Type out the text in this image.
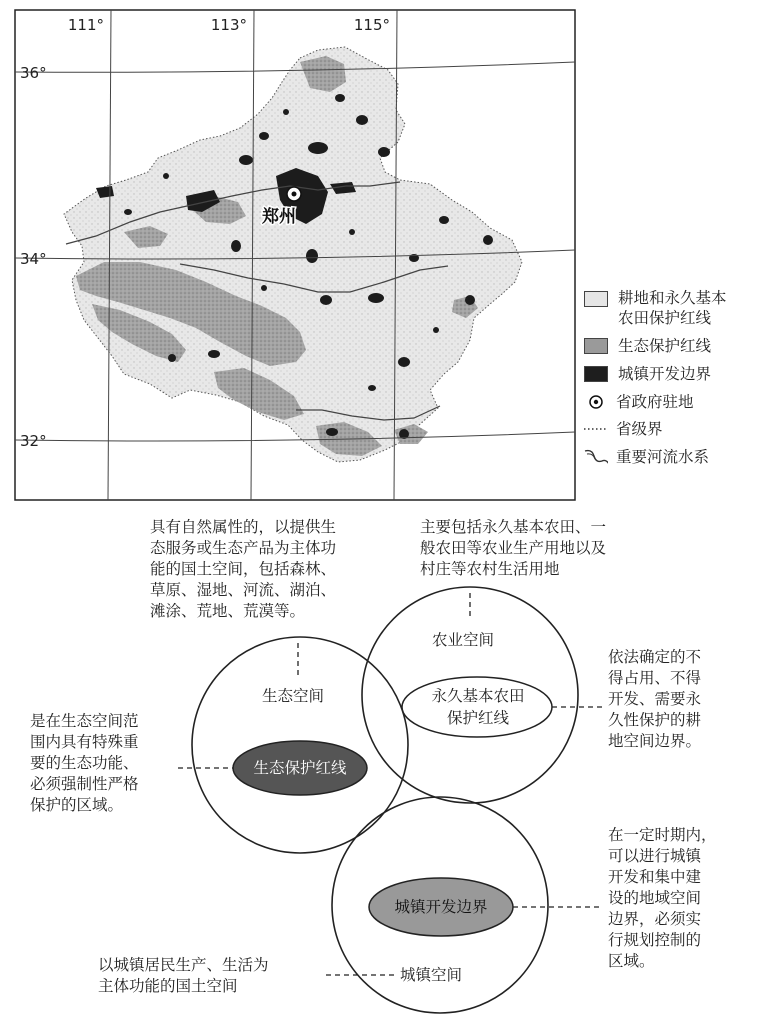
111°	113°	115°
36°
34°
32°
郑州
耕地和永久基本
农田保护红线
生态保护红线
城镇开发边界
省政府驻地
省级界
重要河流水系
生态空间
农业空间
城镇空间
永久基本农田
保护红线
生态保护红线
城镇开发边界
具有自然属性的，以提供生
态服务或生态产品为主体功
能的国土空间，包括森林、
草原、湿地、河流、湖泊、
滩涂、荒地、荒漠等。
主要包括永久基本农田、一
般农田等农业生产用地以及
村庄等农村生活用地
依法确定的不
得占用、不得
开发、需要永
久性保护的耕
地空间边界。
是在生态空间范
围内具有特殊重
要的生态功能、
必须强制性严格
保护的区域。
在一定时期内，
可以进行城镇
开发和集中建
设的地域空间
边界，必须实
行规划控制的
区域。
以城镇居民生产、生活为
主体功能的国土空间
